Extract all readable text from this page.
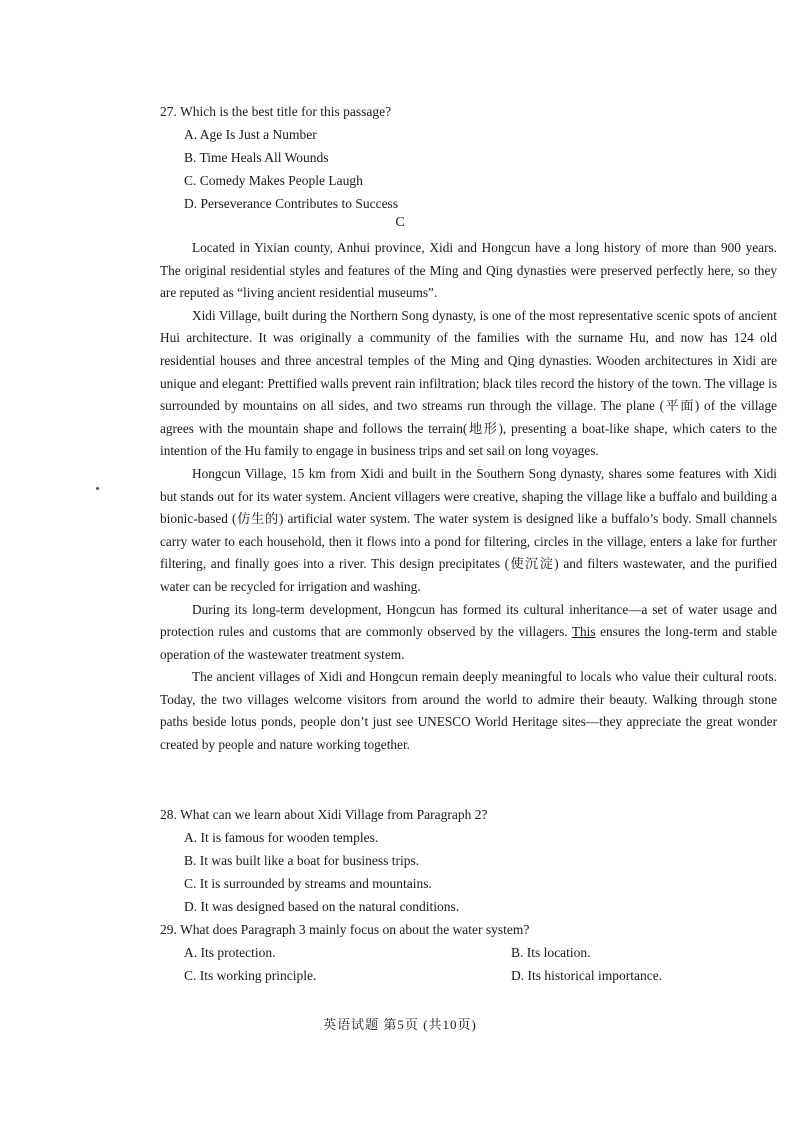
27. Which is the best title for this passage?

A. Age Is Just a Number

B. Time Heals All Wounds

C. Comedy Makes People Laugh

D. Perseverance Contributes to Success

C

Located in Yixian county, Anhui province, Xidi and Hongcun have a long history of more than 900 years. The original residential styles and features of the Ming and Qing dynasties were preserved perfectly here, so they are reputed as “living ancient residential museums”.

Xidi Village, built during the Northern Song dynasty, is one of the most representative scenic spots of ancient Hui architecture. It was originally a community of the families with the surname Hu, and now has 124 old residential houses and three ancestral temples of the Ming and Qing dynasties. Wooden architectures in Xidi are unique and elegant: Prettified walls prevent rain infiltration; black tiles record the history of the town. The village is surrounded by mountains on all sides, and two streams run through the village. The plane (平面) of the village agrees with the mountain shape and follows the terrain(地形), presenting a boat-like shape, which caters to the intention of the Hu family to engage in business trips and set sail on long voyages.

Hongcun Village, 15 km from Xidi and built in the Southern Song dynasty, shares some features with Xidi but stands out for its water system. Ancient villagers were creative, shaping the village like a buffalo and building a bionic-based (仿生的) artificial water system. The water system is designed like a buffalo’s body. Small channels carry water to each household, then it flows into a pond for filtering, circles in the village, enters a lake for further filtering, and finally goes into a river. This design precipitates (使沉淀) and filters wastewater, and the purified water can be recycled for irrigation and washing.

During its long-term development, Hongcun has formed its cultural inheritance—a set of water usage and protection rules and customs that are commonly observed by the villagers. This ensures the long-term and stable operation of the wastewater treatment system.

The ancient villages of Xidi and Hongcun remain deeply meaningful to locals who value their cultural roots. Today, the two villages welcome visitors from around the world to admire their beauty. Walking through stone paths beside lotus ponds, people don’t just see UNESCO World Heritage sites—they appreciate the great wonder created by people and nature working together.

28. What can we learn about Xidi Village from Paragraph 2?

A. It is famous for wooden temples.

B. It was built like a boat for business trips.

C. It is surrounded by streams and mountains.

D. It was designed based on the natural conditions.

29. What does Paragraph 3 mainly focus on about the water system?

A. Its protection.	B. Its location.
C. Its working principle.	D. Its historical importance.
英语试题 第5页 (共10页)
